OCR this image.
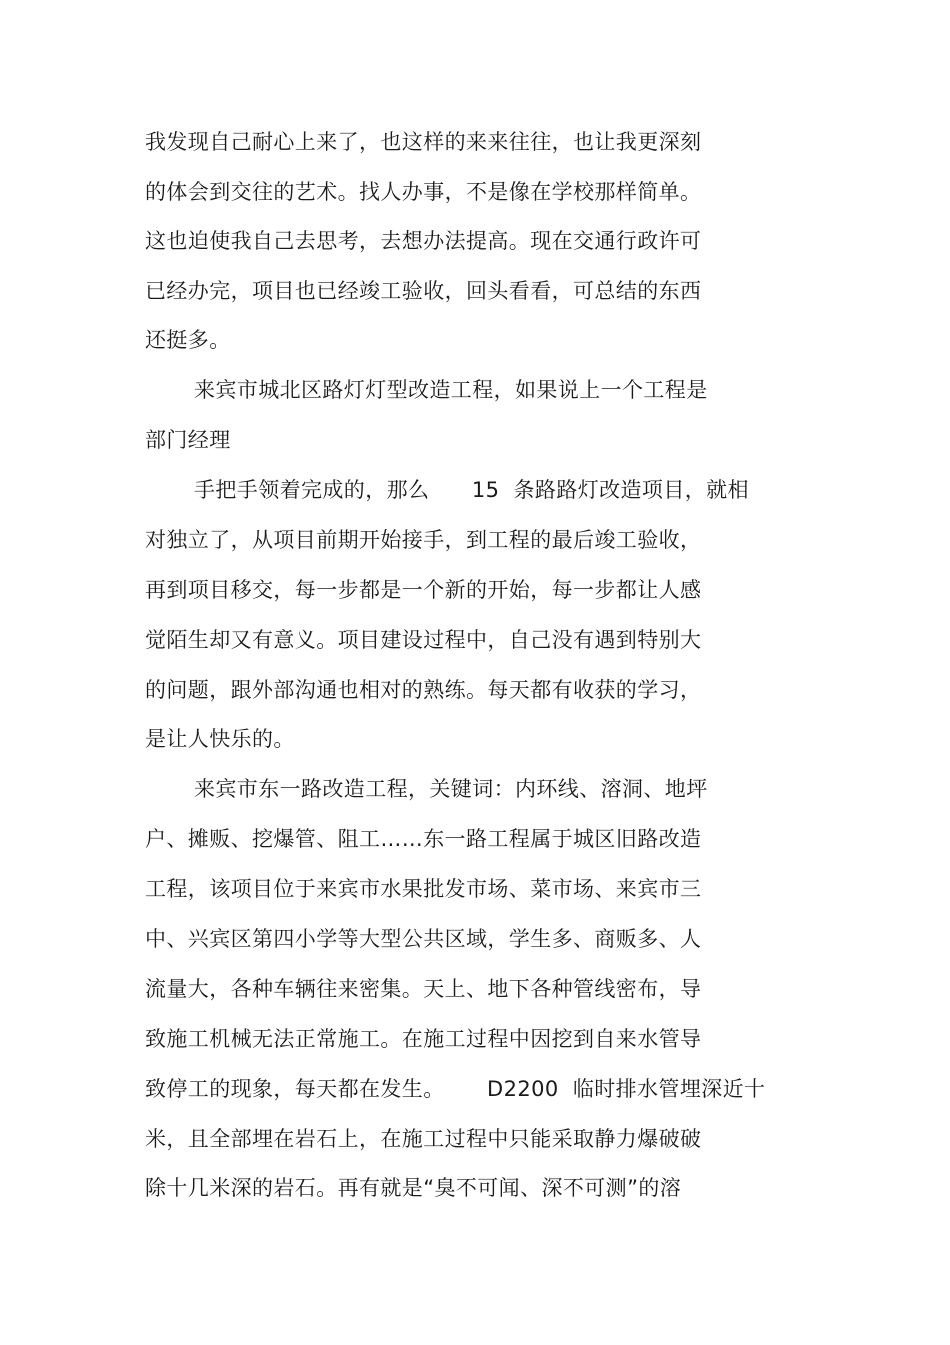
我发现自己耐心上来了，也这样的来来往往，也让我更深刻
的体会到交往的艺术。找人办事，不是像在学校那样简单。
这也迫使我自己去思考，去想办法提高。现在交通行政许可
已经办完，项目也已经竣工验收，回头看看，可总结的东西
还挺多。
来宾市城北区路灯灯型改造工程，如果说上一个工程是
部门经理
手把手领着完成的，那么      15  条路路灯改造项目，就相
对独立了，从项目前期开始接手，到工程的最后竣工验收，
再到项目移交，每一步都是一个新的开始，每一步都让人感
觉陌生却又有意义。项目建设过程中，自己没有遇到特别大
的问题，跟外部沟通也相对的熟练。每天都有收获的学习，
是让人快乐的。
来宾市东一路改造工程，关键词：内环线、溶洞、地坪
户、摊贩、挖爆管、阻工……东一路工程属于城区旧路改造
工程，该项目位于来宾市水果批发市场、菜市场、来宾市三
中、兴宾区第四小学等大型公共区域，学生多、商贩多、人
流量大，各种车辆往来密集。天上、地下各种管线密布，导
致施工机械无法正常施工。在施工过程中因挖到自来水管导
致停工的现象，每天都在发生。      D2200  临时排水管埋深近十
米，且全部埋在岩石上，在施工过程中只能采取静力爆破破
除十几米深的岩石。再有就是“臭不可闻、深不可测”的溶
